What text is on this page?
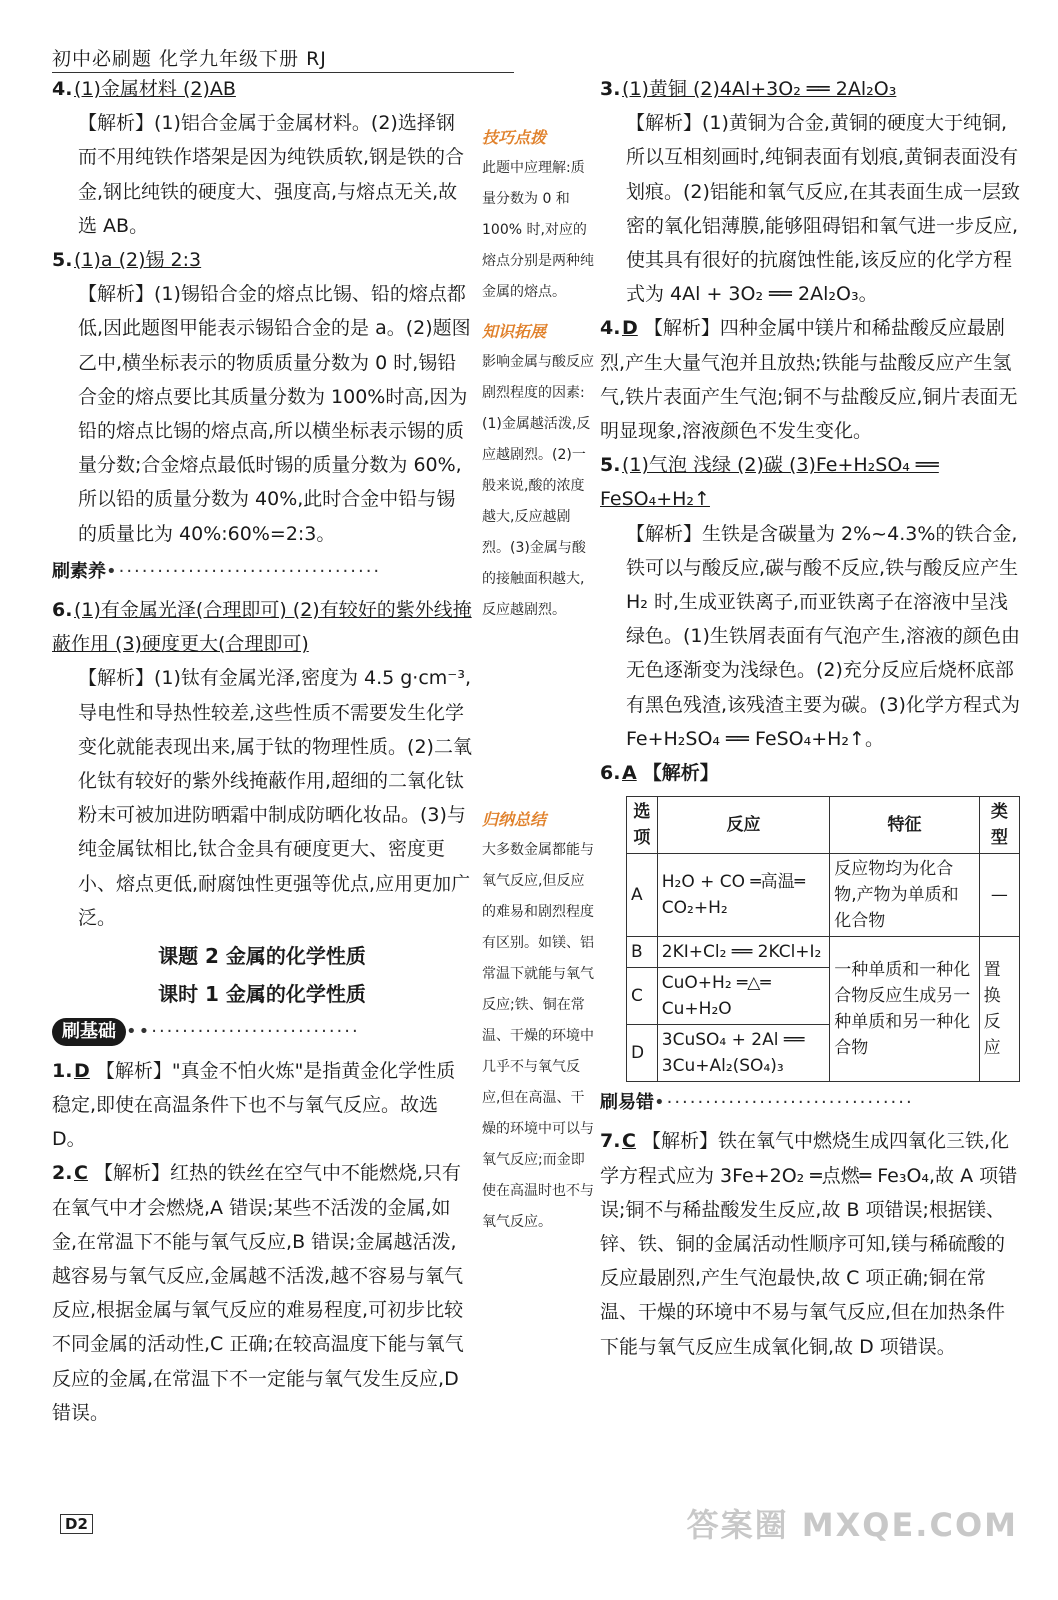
初中必刷题 化学九年级下册 RJ
4.(1)金属材料 (2)AB
【解析】(1)铝合金属于金属材料。(2)选择钢而不用纯铁作塔架是因为纯铁质软,钢是铁的合金,钢比纯铁的硬度大、强度高,与熔点无关,故选 AB。
5.(1)a (2)锡 2:3
【解析】(1)锡铅合金的熔点比锡、铅的熔点都低,因此题图甲能表示锡铅合金的是 a。(2)题图乙中,横坐标表示的物质质量分数为 0 时,锡铅合金的熔点要比其质量分数为 100%时高,因为铅的熔点比锡的熔点高,所以横坐标表示锡的质量分数;合金熔点最低时锡的质量分数为 60%,所以铅的质量分数为 40%,此时合金中铅与锡的质量比为 40%:60%=2:3。
刷素养•··································
6.(1)有金属光泽(合理即可) (2)有较好的紫外线掩蔽作用 (3)硬度更大(合理即可)
【解析】(1)钛有金属光泽,密度为 4.5 g·cm⁻³,导电性和导热性较差,这些性质不需要发生化学变化就能表现出来,属于钛的物理性质。(2)二氧化钛有较好的紫外线掩蔽作用,超细的二氧化钛粉末可被加进防晒霜中制成防晒化妆品。(3)与纯金属钛相比,钛合金具有硬度更大、密度更小、熔点更低,耐腐蚀性更强等优点,应用更加广泛。
课题 2 金属的化学性质
课时 1 金属的化学性质
刷基础 ••···························
1.D 【解析】"真金不怕火炼"是指黄金化学性质稳定,即使在高温条件下也不与氧气反应。故选 D。
2.C 【解析】红热的铁丝在空气中不能燃烧,只有在氧气中才会燃烧,A 错误;某些不活泼的金属,如金,在常温下不能与氧气反应,B 错误;金属越活泼,越容易与氧气反应,金属越不活泼,越不容易与氧气反应,根据金属与氧气反应的难易程度,可初步比较不同金属的活动性,C 正确;在较高温度下能与氧气反应的金属,在常温下不一定能与氧气发生反应,D 错误。
技巧点拨
此题中应理解:质量分数为 0 和 100% 时,对应的熔点分别是两种纯金属的熔点。
知识拓展
影响金属与酸反应剧烈程度的因素:(1)金属越活泼,反应越剧烈。(2)一般来说,酸的浓度越大,反应越剧烈。(3)金属与酸的接触面积越大,反应越剧烈。
归纳总结
大多数金属都能与氧气反应,但反应的难易和剧烈程度有区别。如镁、铝常温下就能与氧气反应;铁、铜在常温、干燥的环境中几乎不与氧气反应,但在高温、干燥的环境中可以与氧气反应;而金即使在高温时也不与氧气反应。
3.(1)黄铜 (2)4Al+3O₂ ══ 2Al₂O₃
【解析】(1)黄铜为合金,黄铜的硬度大于纯铜,所以互相刻画时,纯铜表面有划痕,黄铜表面没有划痕。(2)铝能和氧气反应,在其表面生成一层致密的氧化铝薄膜,能够阻碍铝和氧气进一步反应,使其具有很好的抗腐蚀性能,该反应的化学方程式为 4Al + 3O₂ ══ 2Al₂O₃。
4.D 【解析】四种金属中镁片和稀盐酸反应最剧烈,产生大量气泡并且放热;铁能与盐酸反应产生氢气,铁片表面产生气泡;铜不与盐酸反应,铜片表面无明显现象,溶液颜色不发生变化。
5.(1)气泡 浅绿 (2)碳 (3)Fe+H₂SO₄ ══ FeSO₄+H₂↑
【解析】生铁是含碳量为 2%~4.3%的铁合金,铁可以与酸反应,碳与酸不反应,铁与酸反应产生 H₂ 时,生成亚铁离子,而亚铁离子在溶液中呈浅绿色。(1)生铁屑表面有气泡产生,溶液的颜色由无色逐渐变为浅绿色。(2)充分反应后烧杯底部有黑色残渣,该残渣主要为碳。(3)化学方程式为 Fe+H₂SO₄ ══ FeSO₄+H₂↑。
6.A 【解析】
选项	反应	特征	类型
A	H₂O + CO ═高温═ CO₂+H₂	反应物均为化合物,产物为单质和化合物	—
B	2KI+Cl₂ ══ 2KCl+I₂	一种单质和一种化合物反应生成另一种单质和另一种化合物	置换反应
C	CuO+H₂ ═△═ Cu+H₂O		
D	3CuSO₄ + 2Al ══ 3Cu+Al₂(SO₄)₃		
刷易错•································
7.C 【解析】铁在氧气中燃烧生成四氧化三铁,化学方程式应为 3Fe+2O₂ ═点燃═ Fe₃O₄,故 A 项错误;铜不与稀盐酸发生反应,故 B 项错误;根据镁、锌、铁、铜的金属活动性顺序可知,镁与稀硫酸的反应最剧烈,产生气泡最快,故 C 项正确;铜在常温、干燥的环境中不易与氧气反应,但在加热条件下能与氧气反应生成氧化铜,故 D 项错误。
D2	答案圈 MXQE.COM
